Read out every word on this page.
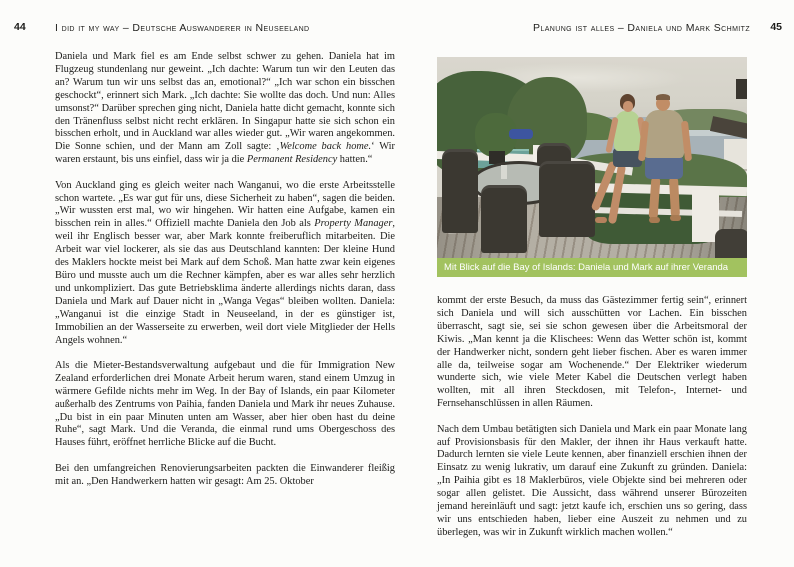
44	I did it my way – Deutsche Auswanderer in Neuseeland	Planung ist alles – Daniela und Mark Schmitz 45

Daniela und Mark fiel es am Ende selbst schwer zu gehen. Daniela hat im Flugzeug stundenlang nur geweint. „Ich dachte: Warum tun wir den Leuten das an? Warum tun wir uns selbst das an, emotional?“ „Ich war schon ein bisschen geschockt“, erinnert sich Mark. „Ich dachte: Sie wollte das doch. Und nun: Alles umsonst?“ Darüber sprechen ging nicht, Daniela hatte dicht gemacht, konnte sich den Tränenfluss selbst nicht recht erklären. In Singapur hatte sie sich schon ein bisschen erholt, und in Auckland war alles wieder gut. „Wir waren angekommen. Die Sonne schien, und der Mann am Zoll sagte: ‚Welcome back home.‘ Wir waren erstaunt, bis uns einfiel, dass wir ja die Permanent Residency hatten.“

Von Auckland ging es gleich weiter nach Wanganui, wo die erste Arbeitsstelle schon wartete. „Es war gut für uns, diese Sicherheit zu haben“, sagen die beiden. „Wir wussten erst mal, wo wir hingehen. Wir hatten eine Aufgabe, kamen ein bisschen rein in alles.“ Offiziell machte Daniela den Job als Property Manager, weil ihr Englisch besser war, aber Mark konnte freiberuflich mitarbeiten. Die Arbeit war viel lockerer, als sie das aus Deutschland kannten: Der kleine Hund des Maklers hockte meist bei Mark auf dem Schoß. Man hatte zwar kein eigenes Büro und musste auch um die Rechner kämpfen, aber es war alles sehr herzlich und unkompliziert. Das gute Betriebsklima änderte allerdings nichts daran, dass Daniela und Mark auf Dauer nicht in „Wanga Vegas“ bleiben wollten. Daniela: „Wanganui ist die einzige Stadt in Neuseeland, in der es günstiger ist, Immobilien an der Wasserseite zu erwerben, weil dort viele Mitglieder der Hells Angels wohnen.“

Als die Mieter-Bestandsverwaltung aufgebaut und die für Immigration New Zealand erforderlichen drei Monate Arbeit herum waren, stand einem Umzug in wärmere Gefilde nichts mehr im Weg. In der Bay of Islands, ein paar Kilometer außerhalb des Zentrums von Paihia, fanden Daniela und Mark ihr neues Zuhause. „Du bist in ein paar Minuten unten am Wasser, aber hier oben hast du deine Ruhe“, sagt Mark. Und die Veranda, die einmal rund ums Obergeschoss des Hauses führt, eröffnet herrliche Blicke auf die Bucht.

Bei den umfangreichen Renovierungsarbeiten packten die Einwanderer fleißig mit an. „Den Handwerkern hatten wir gesagt: Am 25. Oktober

Mit Blick auf die Bay of Islands: Daniela und Mark auf ihrer Veranda

kommt der erste Besuch, da muss das Gästezimmer fertig sein“, erinnert sich Daniela und will sich ausschütten vor Lachen. Ein bisschen überrascht, sagt sie, sei sie schon gewesen über die Arbeitsmoral der Kiwis. „Man kennt ja die Klischees: Wenn das Wetter schön ist, kommt der Handwerker nicht, sondern geht lieber fischen. Aber es waren immer alle da, teilweise sogar am Wochenende.“ Der Elektriker wiederum wunderte sich, wie viele Meter Kabel die Deutschen verlegt haben wollten, mit all ihren Steckdosen, mit Telefon-, Internet- und Fernsehanschlüssen in allen Räumen.

Nach dem Umbau betätigten sich Daniela und Mark ein paar Monate lang auf Provisionsbasis für den Makler, der ihnen ihr Haus verkauft hatte. Dadurch lernten sie viele Leute kennen, aber finanziell erschien ihnen der Einsatz zu wenig lukrativ, um darauf eine Zukunft zu gründen. Daniela: „In Paihia gibt es 18 Maklerbüros, viele Objekte sind bei mehreren oder sogar allen gelistet. Die Aussicht, dass während unserer Bürozeiten jemand hereinläuft und sagt: jetzt kaufe ich, erschien uns so gering, dass wir uns entschieden haben, lieber eine Auszeit zu nehmen und zu überlegen, was wir in Zukunft wirklich machen wollen.“
